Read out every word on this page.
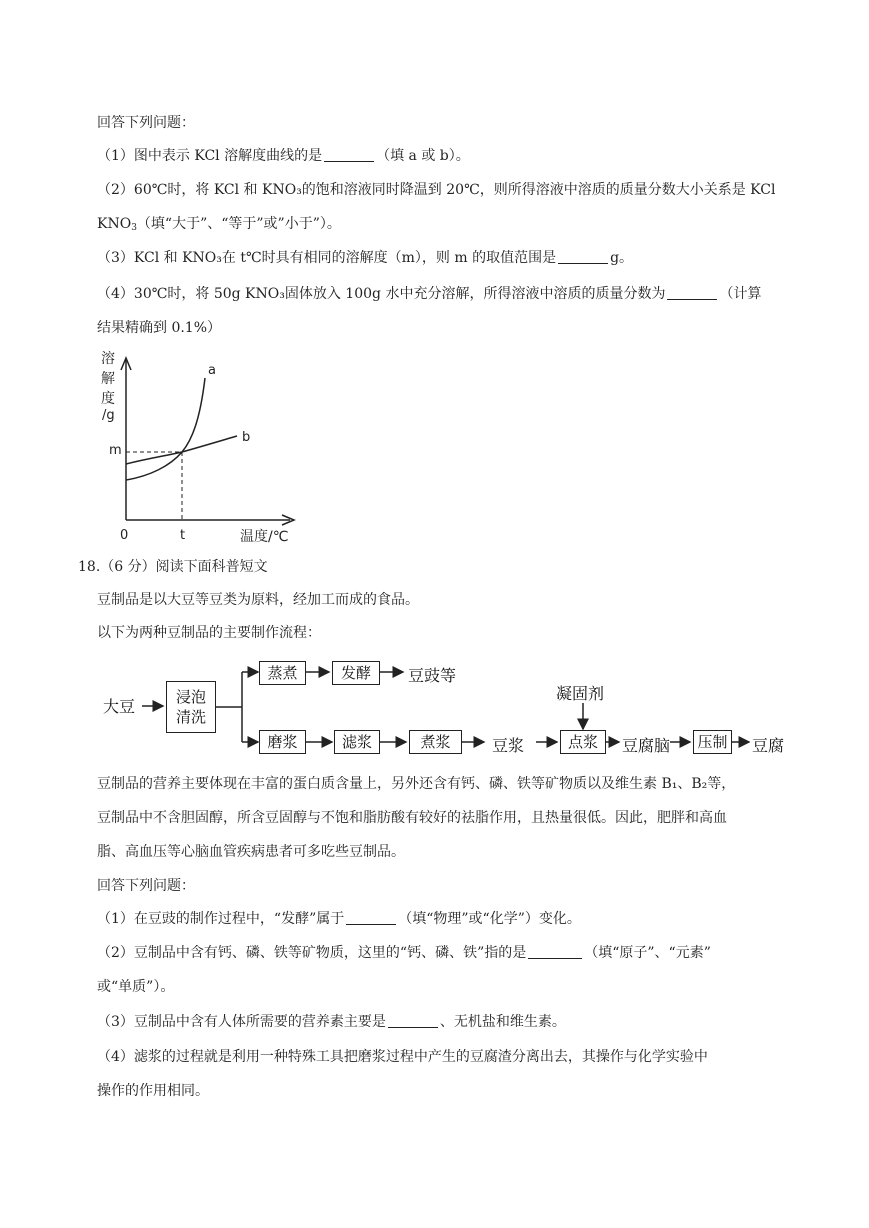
回答下列问题：
（1）图中表示 KCl 溶解度曲线的是	（填 a 或 b）。
（2）60℃时，将 KCl 和 KNO₃的饱和溶液同时降温到 20℃，则所得溶液中溶质的质量分数大小关系是 KCl
$KNO_3$（填“大于”、“等于”或”小于”）。
（3）KCl 和 KNO₃在 t℃时具有相同的溶解度（m），则 m 的取值范围是	g。
（4）30℃时，将 50g KNO₃固体放入 100g 水中充分溶解，所得溶液中溶质的质量分数为	（计算
结果精确到 0.1%）
溶
解
度
/g
m
0	t	温度/℃
a
b
18.（6 分）阅读下面科普短文
豆制品是以大豆等豆类为原料，经加工而成的食品。
以下为两种豆制品的主要制作流程：
大豆	浸泡
清洗
蒸煮	发酵	豆豉等
磨浆	滤浆	煮浆	豆浆
凝固剂
点浆	豆腐脑 压制 豆腐
豆制品的营养主要体现在丰富的蛋白质含量上，另外还含有钙、磷、铁等矿物质以及维生素 B₁、B₂等，
豆制品中不含胆固醇，所含豆固醇与不饱和脂肪酸有较好的祛脂作用，且热量很低。因此，肥胖和高血
脂、高血压等心脑血管疾病患者可多吃些豆制品。
回答下列问题：
（1）在豆豉的制作过程中，“发酵”属于	（填“物理”或“化学”）变化。
（2）豆制品中含有钙、磷、铁等矿物质，这里的“钙、磷、铁”指的是	（填“原子”、“元素”
或“单质”）。
（3）豆制品中含有人体所需要的营养素主要是	、无机盐和维生素。
（4）滤浆的过程就是利用一种特殊工具把磨浆过程中产生的豆腐渣分离出去，其操作与化学实验中
操作的作用相同。
